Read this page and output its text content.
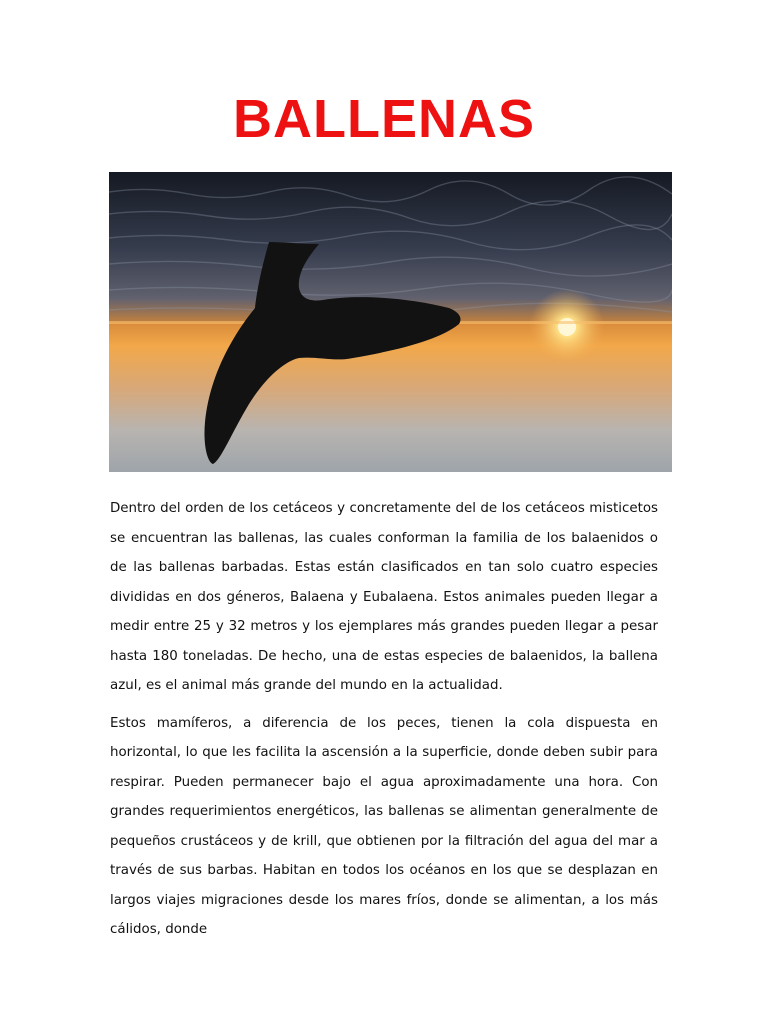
BALLENAS

Dentro del orden de los cetáceos y concretamente del de los cetáceos misticetos se encuentran las ballenas, las cuales conforman la familia de los balaenidos o de las ballenas barbadas. Estas están clasificados en tan solo cuatro especies divididas en dos géneros, Balaena y Eubalaena. Estos animales pueden llegar a medir entre 25 y 32 metros y los ejemplares más grandes pueden llegar a pesar hasta 180 toneladas. De hecho, una de estas especies de balaenidos, la ballena azul, es el animal más grande del mundo en la actualidad.

Estos mamíferos, a diferencia de los peces, tienen la cola dispuesta en horizontal, lo que les facilita la ascensión a la superficie, donde deben subir para respirar. Pueden permanecer bajo el agua aproximadamente una hora. Con grandes requerimientos energéticos, las ballenas se alimentan generalmente de pequeños crustáceos y de krill, que obtienen por la filtración del agua del mar a través de sus barbas. Habitan en todos los océanos en los que se desplazan en largos viajes migraciones desde los mares fríos, donde se alimentan, a los más cálidos, donde
